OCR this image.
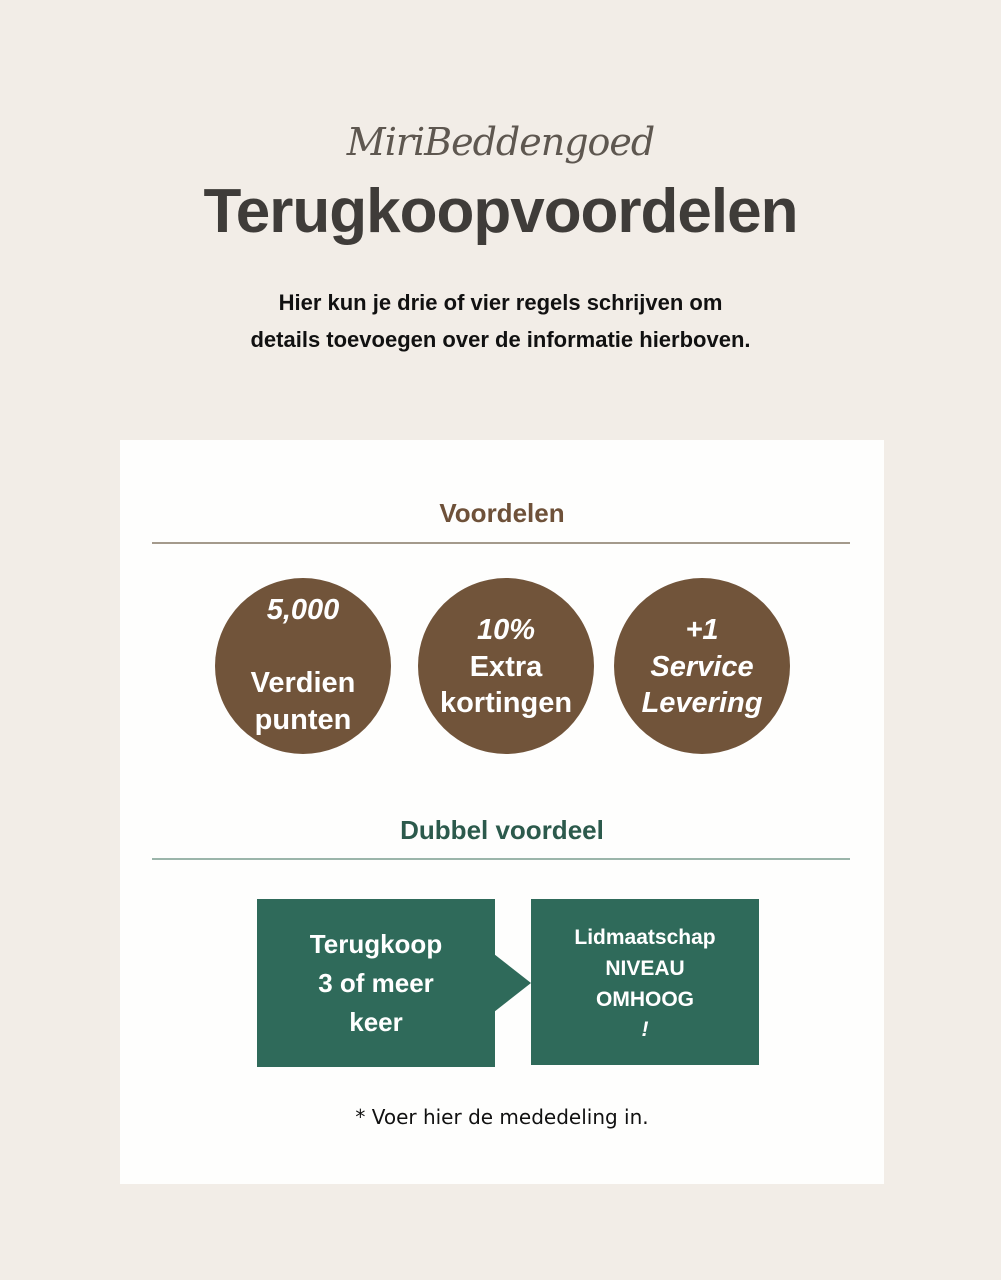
MiriBeddengoed
Terugkoopvoordelen
Hier kun je drie of vier regels schrijven om
details toevoegen over de informatie hierboven.
Voordelen
5,000
Verdien
punten
10%
Extra
kortingen
+1
Service
Levering
Dubbel voordeel
Terugkoop
3 of meer
keer
Lidmaatschap
NIVEAU
OMHOOG
!
* Voer hier de mededeling in.
